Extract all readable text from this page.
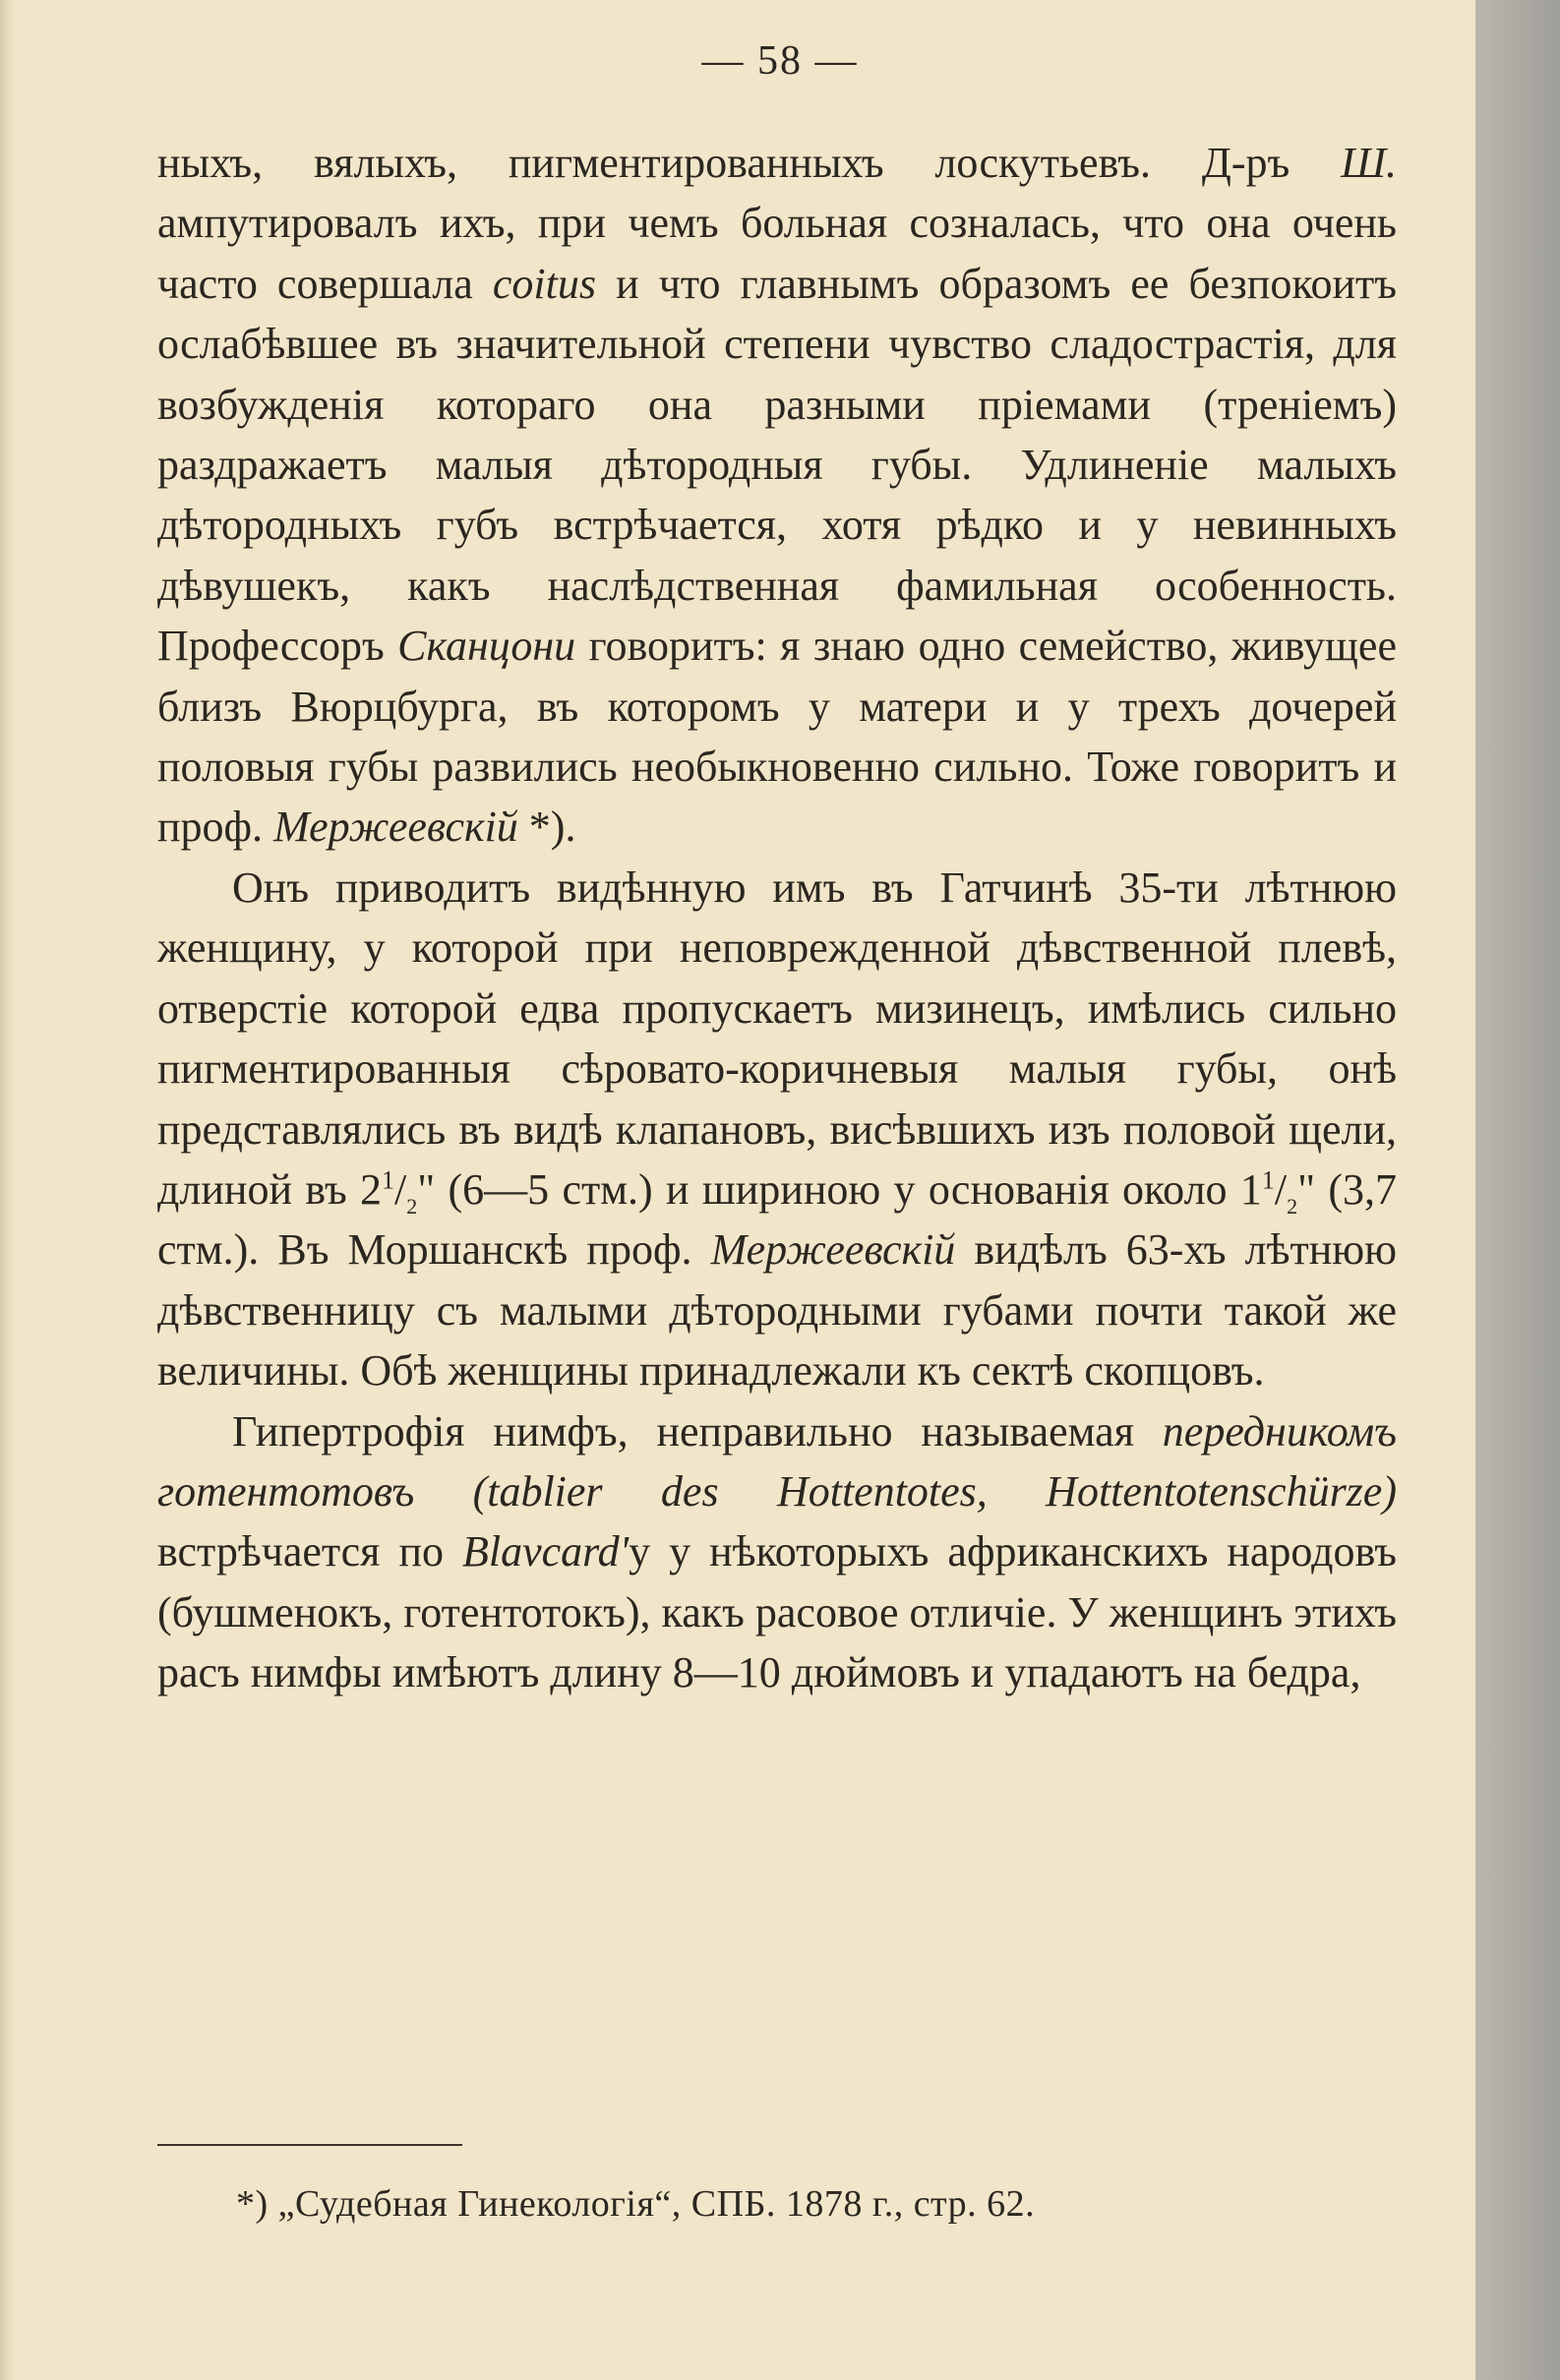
— 58 —

ныхъ, вялыхъ, пигментированныхъ лоскутьевъ. Д-ръ Ш. ампутировалъ ихъ, при чемъ больная созналась, что она очень часто совершала coitus и что главнымъ образомъ ее безпокоитъ ослабѣвшее въ значительной степени чувство сладострастія, для возбужденія котораго она разными пріемами (треніемъ) раздражаетъ малыя дѣтородныя губы. Удлиненіе малыхъ дѣтородныхъ губъ встрѣчается, хотя рѣдко и у невинныхъ дѣвушекъ, какъ наслѣдственная фамильная особенность. Профессоръ Сканцони говоритъ: я знаю одно семейство, живущее близъ Вюрцбурга, въ которомъ у матери и у трехъ дочерей половыя губы развились необыкновенно сильно. Тоже говоритъ и проф. Мержеевскій *).

Онъ приводитъ видѣнную имъ въ Гатчинѣ 35-ти лѣтнюю женщину, у которой при неповрежденной дѣвственной плевѣ, отверстіе которой едва пропускаетъ мизинецъ, имѣлись сильно пигментированныя сѣровато-коричневыя малыя губы, онѣ представлялись въ видѣ клапановъ, висѣвшихъ изъ половой щели, длиной въ $2^1/_2$" (6—5 стм.) и шириною у основанія около $1^1/_2$" (3,7 стм.). Въ Моршанскѣ проф. Мержеевскій видѣлъ 63-хъ лѣтнюю дѣвственницу съ малыми дѣтородными губами почти такой же величины. Обѣ женщины принадлежали къ сектѣ скопцовъ.

Гипертрофія нимфъ, неправильно называемая передникомъ готентотовъ (tablier des Hottentotes, Hottentotenschürze) встрѣчается по Blavcard'у у нѣкоторыхъ африканскихъ народовъ (бушменокъ, готентотокъ), какъ расовое отличіе. У женщинъ этихъ расъ нимфы имѣютъ длину 8—10 дюймовъ и упадаютъ на бедра,

*) „Судебная Гинекологія“, СПБ. 1878 г., стр. 62.
